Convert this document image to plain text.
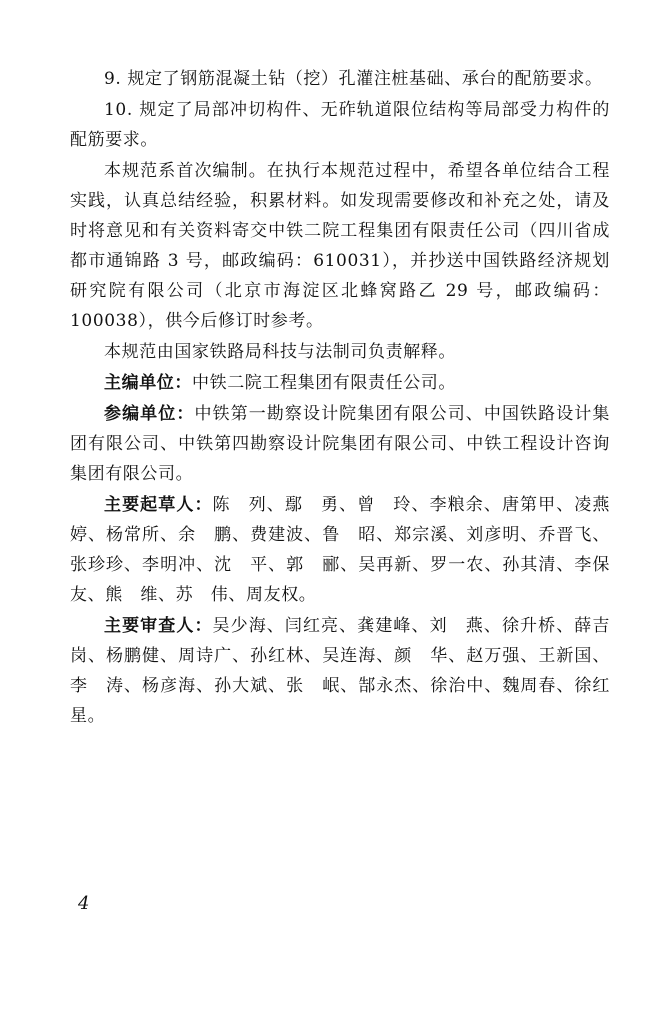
9. 规定了钢筋混凝土钻（挖）孔灌注桩基础、承台的配筋要求。

10. 规定了局部冲切构件、无砟轨道限位结构等局部受力构件的配筋要求。

本规范系首次编制。在执行本规范过程中，希望各单位结合工程实践，认真总结经验，积累材料。如发现需要修改和补充之处，请及时将意见和有关资料寄交中铁二院工程集团有限责任公司（四川省成都市通锦路 3 号，邮政编码：610031），并抄送中国铁路经济规划研究院有限公司（北京市海淀区北蜂窝路乙 29 号，邮政编码：100038），供今后修订时参考。

本规范由国家铁路局科技与法制司负责解释。

主编单位：中铁二院工程集团有限责任公司。

参编单位：中铁第一勘察设计院集团有限公司、中国铁路设计集团有限公司、中铁第四勘察设计院集团有限公司、中铁工程设计咨询集团有限公司。

主要起草人：陈　列、鄢　勇、曾　玲、李粮余、唐第甲、凌燕婷、杨常所、余　鹏、费建波、鲁　昭、郑宗溪、刘彦明、乔晋飞、张珍珍、李明冲、沈　平、郭　郦、吴再新、罗一农、孙其清、李保友、熊　维、苏　伟、周友权。

主要审查人：吴少海、闫红亮、龚建峰、刘　燕、徐升桥、薛吉岗、杨鹏健、周诗广、孙红林、吴连海、颜　华、赵万强、王新国、李　涛、杨彦海、孙大斌、张　岷、郜永杰、徐治中、魏周春、徐红星。

4
